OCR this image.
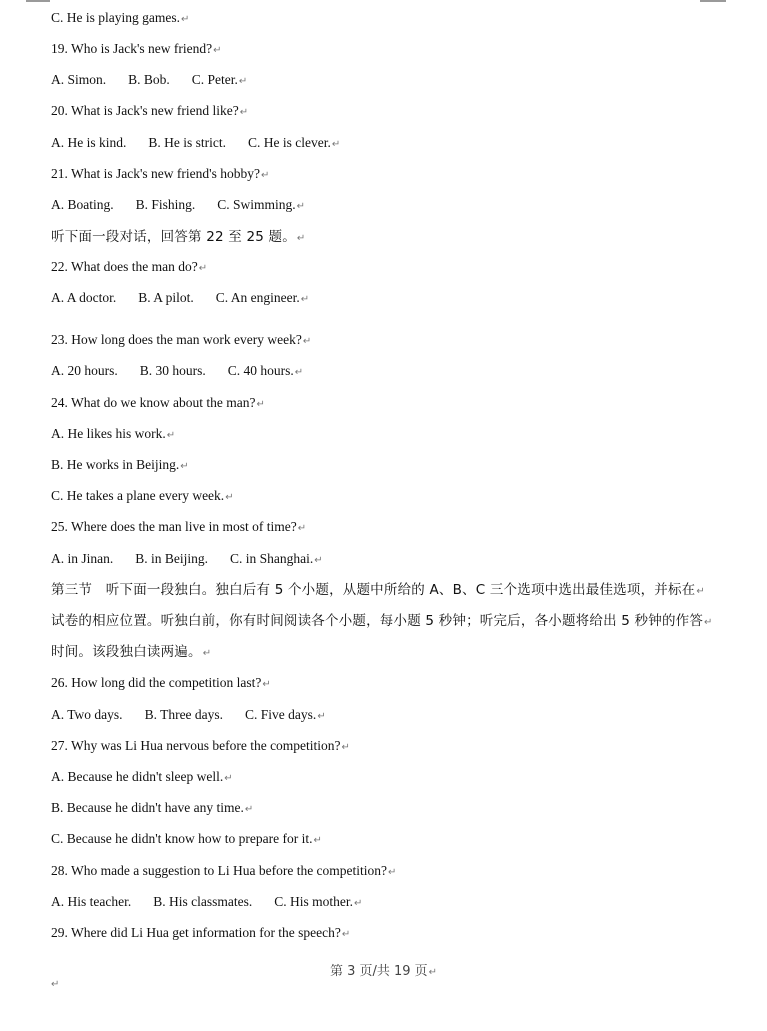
C. He is playing games.↵
19. Who is Jack's new friend?↵
A. Simon. B. Bob. C. Peter.↵
20. What is Jack's new friend like?↵
A. He is kind. B. He is strict. C. He is clever.↵
21. What is Jack's new friend's hobby?↵
A. Boating. B. Fishing. C. Swimming.↵
听下面一段对话，回答第 22 至 25 题。↵
22. What does the man do?↵
A. A doctor. B. A pilot. C. An engineer.↵
23. How long does the man work every week?↵
A. 20 hours. B. 30 hours. C. 40 hours.↵
24. What do we know about the man?↵
A. He likes his work.↵
B. He works in Beijing.↵
C. He takes a plane every week.↵
25. Where does the man live in most of time?↵
A. in Jinan. B. in Beijing. C. in Shanghai.↵
第三节　听下面一段独白。独白后有 5 个小题，从题中所给的 A、B、C 三个选项中选出最佳选项，并标在↵
试卷的相应位置。听独白前，你有时间阅读各个小题，每小题 5 秒钟；听完后，各小题将给出 5 秒钟的作答↵
时间。该段独白读两遍。↵
26. How long did the competition last?↵
A. Two days. B. Three days. C. Five days.↵
27. Why was Li Hua nervous before the competition?↵
A. Because he didn't sleep well.↵
B. Because he didn't have any time.↵
C. Because he didn't know how to prepare for it.↵
28. Who made a suggestion to Li Hua before the competition?↵
A. His teacher. B. His classmates. C. His mother.↵
29. Where did Li Hua get information for the speech?↵
第 3 页/共 19 页↵
↵
